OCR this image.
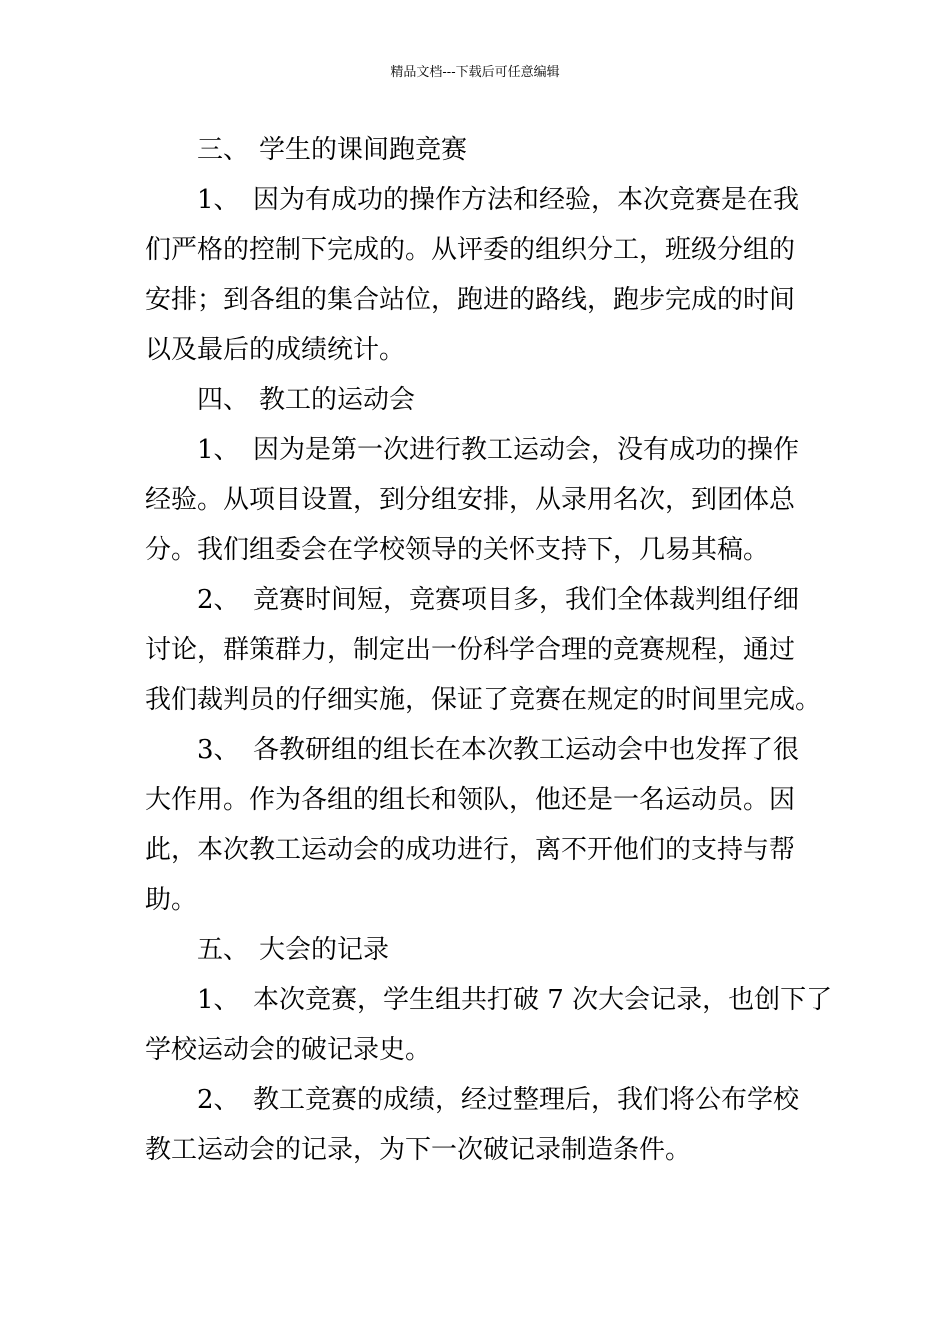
精品文档---下载后可任意编辑
三、 学生的课间跑竞赛
1、 因为有成功的操作方法和经验，本次竞赛是在我
们严格的控制下完成的。从评委的组织分工，班级分组的
安排；到各组的集合站位，跑进的路线，跑步完成的时间
以及最后的成绩统计。
四、 教工的运动会
1、 因为是第一次进行教工运动会，没有成功的操作
经验。从项目设置，到分组安排，从录用名次，到团体总
分。我们组委会在学校领导的关怀支持下，几易其稿。
2、 竞赛时间短，竞赛项目多，我们全体裁判组仔细
讨论，群策群力，制定出一份科学合理的竞赛规程，通过
我们裁判员的仔细实施，保证了竞赛在规定的时间里完成。
3、 各教研组的组长在本次教工运动会中也发挥了很
大作用。作为各组的组长和领队，他还是一名运动员。因
此，本次教工运动会的成功进行，离不开他们的支持与帮
助。
五、 大会的记录
1、 本次竞赛，学生组共打破 7 次大会记录，也创下了
学校运动会的破记录史。
2、 教工竞赛的成绩，经过整理后，我们将公布学校
教工运动会的记录，为下一次破记录制造条件。
